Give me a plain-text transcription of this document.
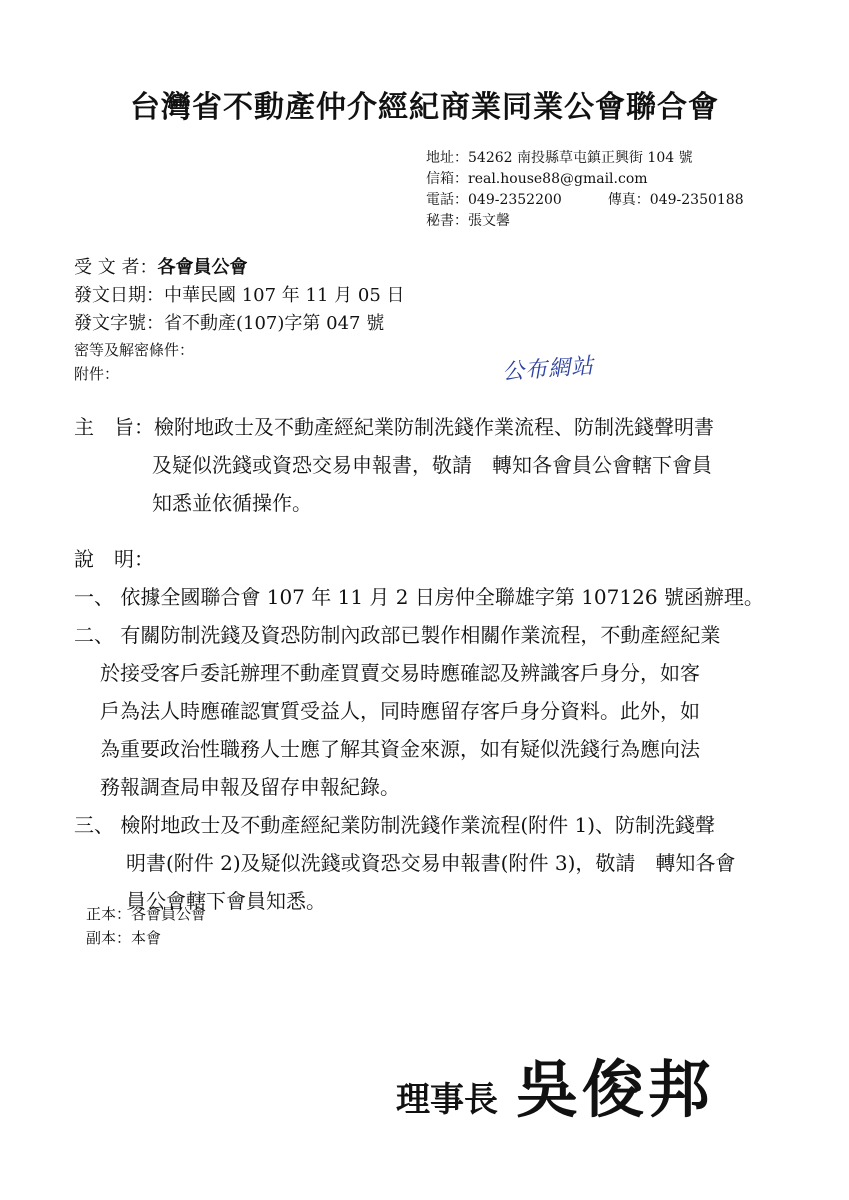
台灣省不動產仲介經紀商業同業公會聯合會
地址：54262 南投縣草屯鎮正興街 104 號
信箱：real.house88@gmail.com
電話：049-2352200	傳真：049-2350188
秘書：張文馨
受 文 者：各會員公會
發文日期：中華民國 107 年 11 月 05 日
發文字號：省不動產(107)字第 047 號
密等及解密條件：
附件：	公布網站
主　旨：檢附地政士及不動產經紀業防制洗錢作業流程、防制洗錢聲明書
及疑似洗錢或資恐交易申報書，敬請　轉知各會員公會轄下會員
知悉並依循操作。
說　明：
一、 依據全國聯合會 107 年 11 月 2 日房仲全聯雄字第 107126 號函辦理。
二、 有關防制洗錢及資恐防制內政部已製作相關作業流程，不動產經紀業
於接受客戶委託辦理不動產買賣交易時應確認及辨識客戶身分，如客
戶為法人時應確認實質受益人，同時應留存客戶身分資料。此外，如
為重要政治性職務人士應了解其資金來源，如有疑似洗錢行為應向法
務報調查局申報及留存申報紀錄。
三、 檢附地政士及不動產經紀業防制洗錢作業流程(附件 1)、防制洗錢聲
明書(附件 2)及疑似洗錢或資恐交易申報書(附件 3)，敬請　轉知各會
員公會轄下會員知悉。
正本：各會員公會
副本：本會
理事長 吳俊邦
